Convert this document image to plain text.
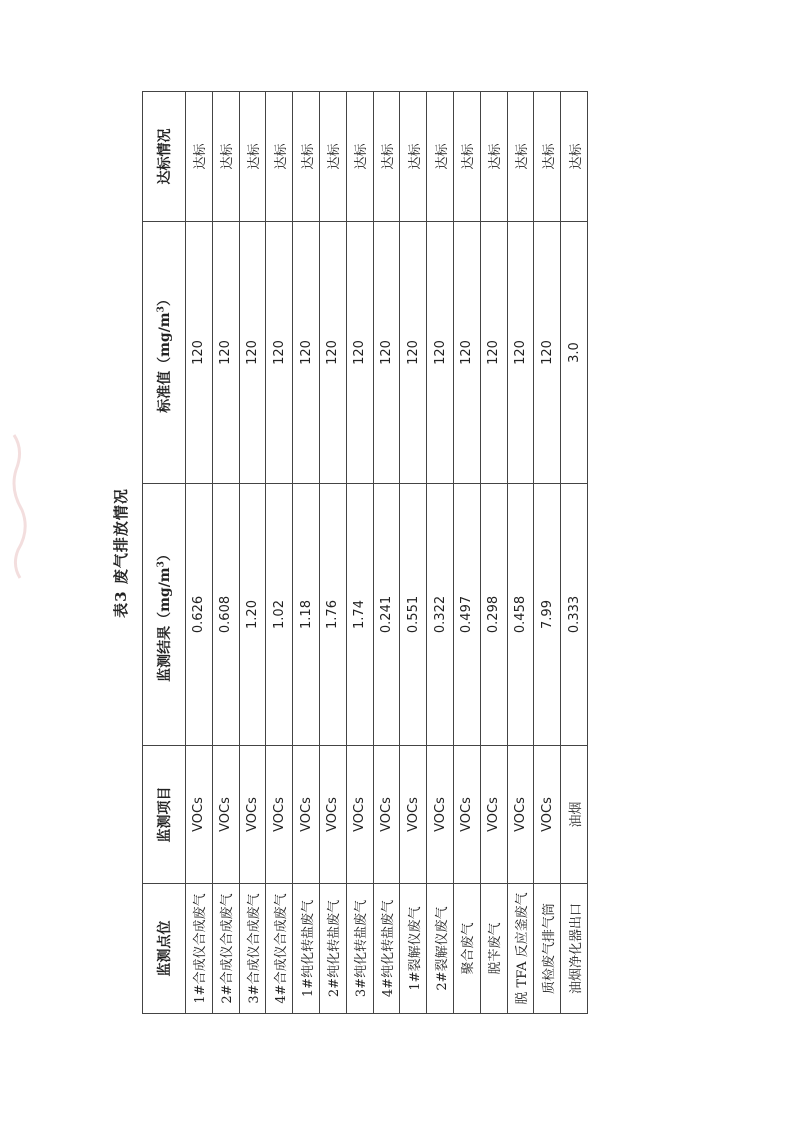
表3 废气排放情况
监测点位	监测项目	监测结果$(mg/m^3)$	标准值$(mg/m^3)$	达标情况
1#合成仪合成废气	VOCs	0.626	120	达标
2#合成仪合成废气	VOCs	0.608	120	达标
3#合成仪合成废气	VOCs	1.20	120	达标
4#合成仪合成废气	VOCs	1.02	120	达标
1#纯化转盐废气	VOCs	1.18	120	达标
2#纯化转盐废气	VOCs	1.76	120	达标
3#纯化转盐废气	VOCs	1.74	120	达标
4#纯化转盐废气	VOCs	0.241	120	达标
1#裂解仪废气	VOCs	0.551	120	达标
2#裂解仪废气	VOCs	0.322	120	达标
聚合废气	VOCs	0.497	120	达标
脱苄废气	VOCs	0.298	120	达标
脱 TFA 反应釜废气	VOCs	0.458	120	达标
质检废气排气筒	VOCs	7.99	120	达标
油烟净化器出口	油烟	0.333	3.0	达标
